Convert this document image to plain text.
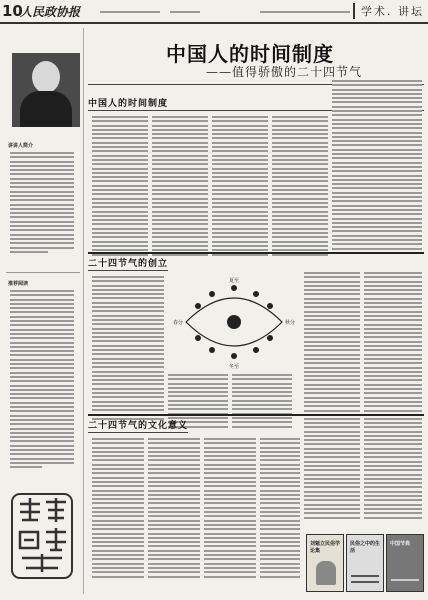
10
人民政协报	学术. 讲坛
中国人的时间制度
——值得骄傲的二十四节气
讲讲人简介
推荐阅读
中国人的时间制度
二十四节气的创立
夏至
春分	秋分
冬至
二十四节气的文化意义
刘魁立民俗学论集
民俗之中的生活
中国节典
